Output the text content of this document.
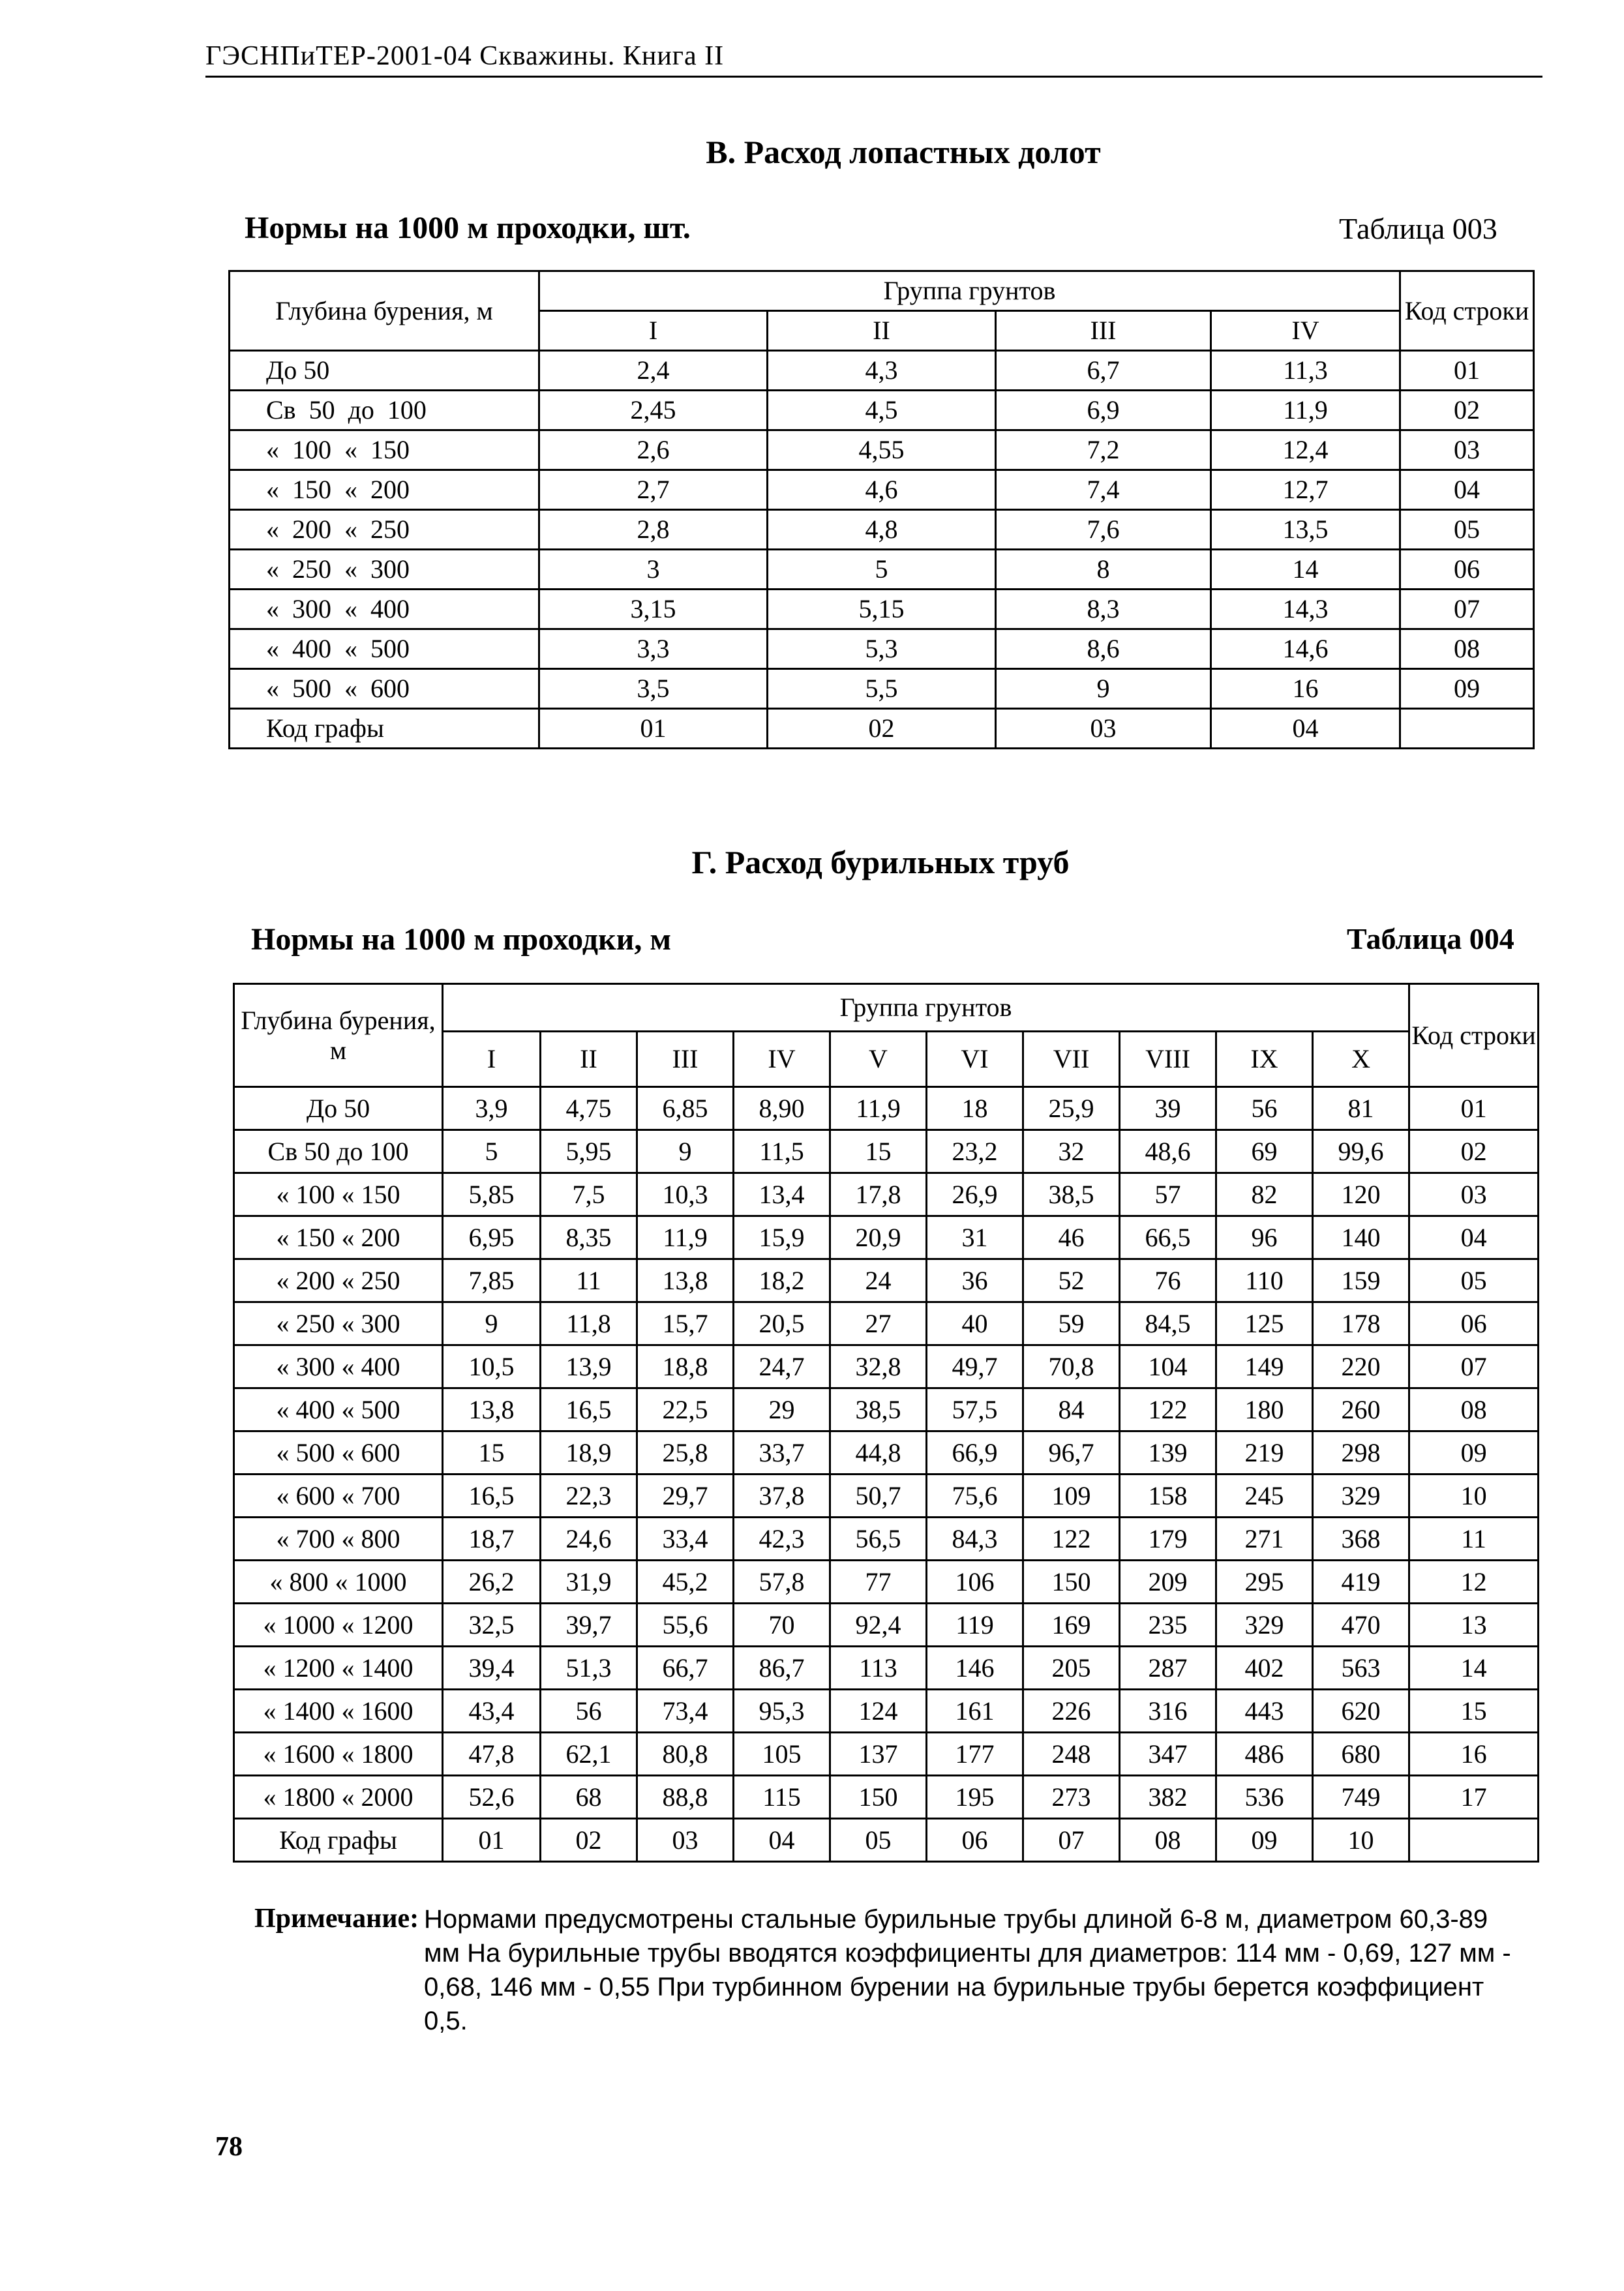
ГЭСНПиТЕР-2001-04 Скважины. Книга II
В. Расход лопастных долот
Нормы на 1000 м проходки, шт.	Таблица 003
Глубина бурения, м	Группа грунтов				Код строки
	I	II	III	IV	
До 50	2,4	4,3	6,7	11,3	01
Св  50  до  100	2,45	4,5	6,9	11,9	02
«  100  «  150	2,6	4,55	7,2	12,4	03
«  150  «  200	2,7	4,6	7,4	12,7	04
«  200  «  250	2,8	4,8	7,6	13,5	05
«  250  «  300	3	5	8	14	06
«  300  «  400	3,15	5,15	8,3	14,3	07
«  400  «  500	3,3	5,3	8,6	14,6	08
«  500  «  600	3,5	5,5	9	16	09
Код графы	01	02	03	04	
Г. Расход бурильных труб
Нормы на 1000 м проходки, м	Таблица 004
Глубина бурения, м	Группа грунтов										Код строки
	I	II	III	IV	V	VI	VII	VIII	IX	X	
До 50	3,9	4,75	6,85	8,90	11,9	18	25,9	39	56	81	01
Св 50 до 100	5	5,95	9	11,5	15	23,2	32	48,6	69	99,6	02
« 100 « 150	5,85	7,5	10,3	13,4	17,8	26,9	38,5	57	82	120	03
« 150 « 200	6,95	8,35	11,9	15,9	20,9	31	46	66,5	96	140	04
« 200 « 250	7,85	11	13,8	18,2	24	36	52	76	110	159	05
« 250 « 300	9	11,8	15,7	20,5	27	40	59	84,5	125	178	06
« 300 « 400	10,5	13,9	18,8	24,7	32,8	49,7	70,8	104	149	220	07
« 400 « 500	13,8	16,5	22,5	29	38,5	57,5	84	122	180	260	08
« 500 « 600	15	18,9	25,8	33,7	44,8	66,9	96,7	139	219	298	09
« 600 « 700	16,5	22,3	29,7	37,8	50,7	75,6	109	158	245	329	10
« 700 « 800	18,7	24,6	33,4	42,3	56,5	84,3	122	179	271	368	11
« 800 « 1000	26,2	31,9	45,2	57,8	77	106	150	209	295	419	12
« 1000 « 1200	32,5	39,7	55,6	70	92,4	119	169	235	329	470	13
« 1200 « 1400	39,4	51,3	66,7	86,7	113	146	205	287	402	563	14
« 1400 « 1600	43,4	56	73,4	95,3	124	161	226	316	443	620	15
« 1600 « 1800	47,8	62,1	80,8	105	137	177	248	347	486	680	16
« 1800 « 2000	52,6	68	88,8	115	150	195	273	382	536	749	17
Код графы	01	02	03	04	05	06	07	08	09	10	
Примечание: Нормами предусмотрены стальные бурильные трубы длиной 6-8 м, диаметром 60,3-89 мм На бурильные трубы вводятся коэффициенты для диаметров: 114 мм - 0,69, 127 мм - 0,68, 146 мм - 0,55 При турбинном бурении на бурильные трубы берется коэффициент 0,5.
78
